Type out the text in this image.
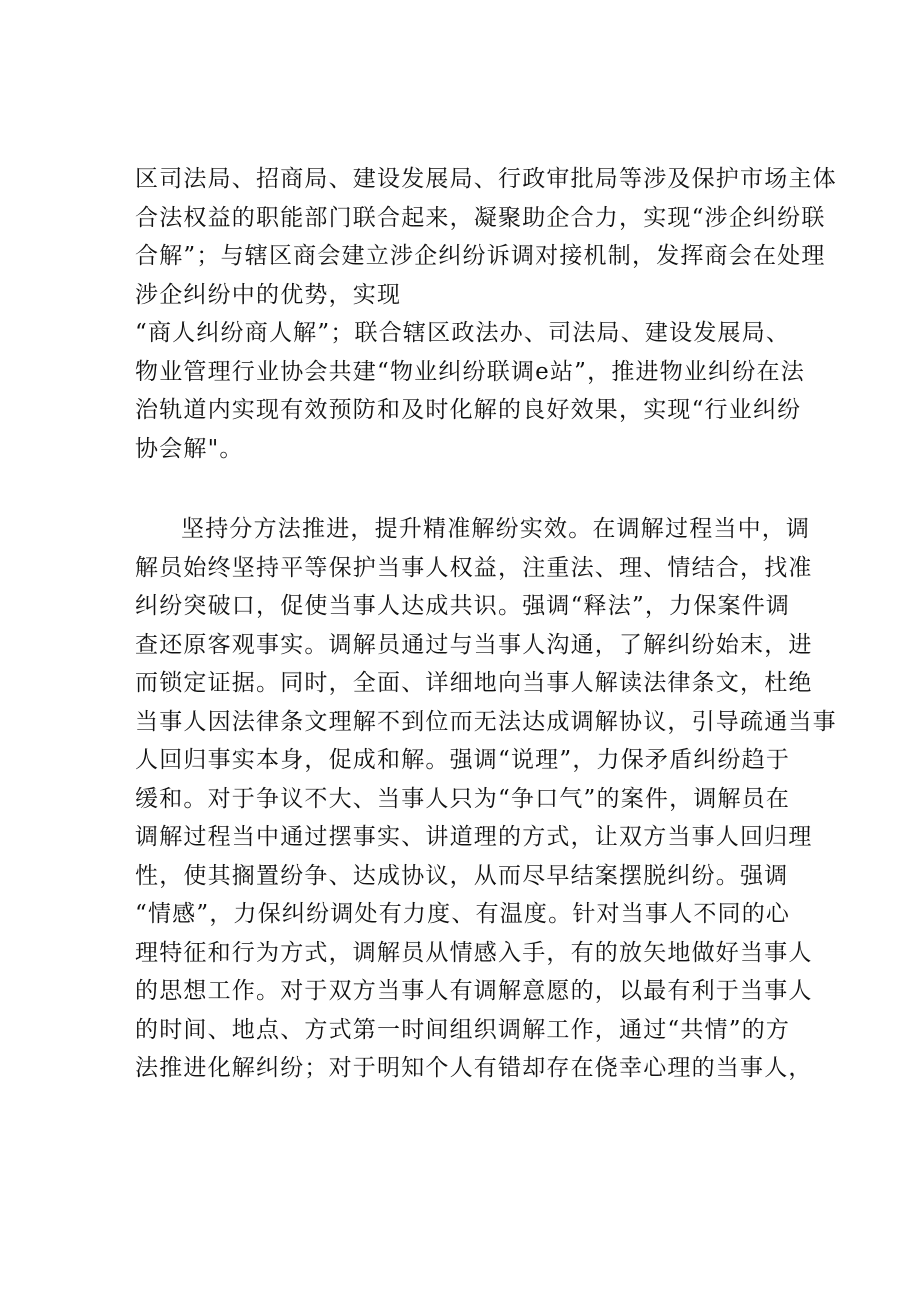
区司法局、招商局、建设发展局、行政审批局等涉及保护市场主体
合法权益的职能部门联合起来，凝聚助企合力，实现“涉企纠纷联
合解”；与辖区商会建立涉企纠纷诉调对接机制，发挥商会在处理
涉企纠纷中的优势，实现
“商人纠纷商人解”；联合辖区政法办、司法局、建设发展局、
物业管理行业协会共建“物业纠纷联调e站”，推进物业纠纷在法
治轨道内实现有效预防和及时化解的良好效果，实现“行业纠纷
协会解"。
坚持分方法推进，提升精准解纷实效。在调解过程当中，调
解员始终坚持平等保护当事人权益，注重法、理、情结合，找准
纠纷突破口，促使当事人达成共识。强调“释法”，力保案件调
查还原客观事实。调解员通过与当事人沟通，了解纠纷始末，进
而锁定证据。同时，全面、详细地向当事人解读法律条文，杜绝
当事人因法律条文理解不到位而无法达成调解协议，引导疏通当事
人回归事实本身，促成和解。强调“说理”，力保矛盾纠纷趋于
缓和。对于争议不大、当事人只为“争口气”的案件，调解员在
调解过程当中通过摆事实、讲道理的方式，让双方当事人回归理
性，使其搁置纷争、达成协议，从而尽早结案摆脱纠纷。强调
“情感”，力保纠纷调处有力度、有温度。针对当事人不同的心
理特征和行为方式，调解员从情感入手，有的放矢地做好当事人
的思想工作。对于双方当事人有调解意愿的，以最有利于当事人
的时间、地点、方式第一时间组织调解工作，通过“共情”的方
法推进化解纠纷；对于明知个人有错却存在侥幸心理的当事人，
